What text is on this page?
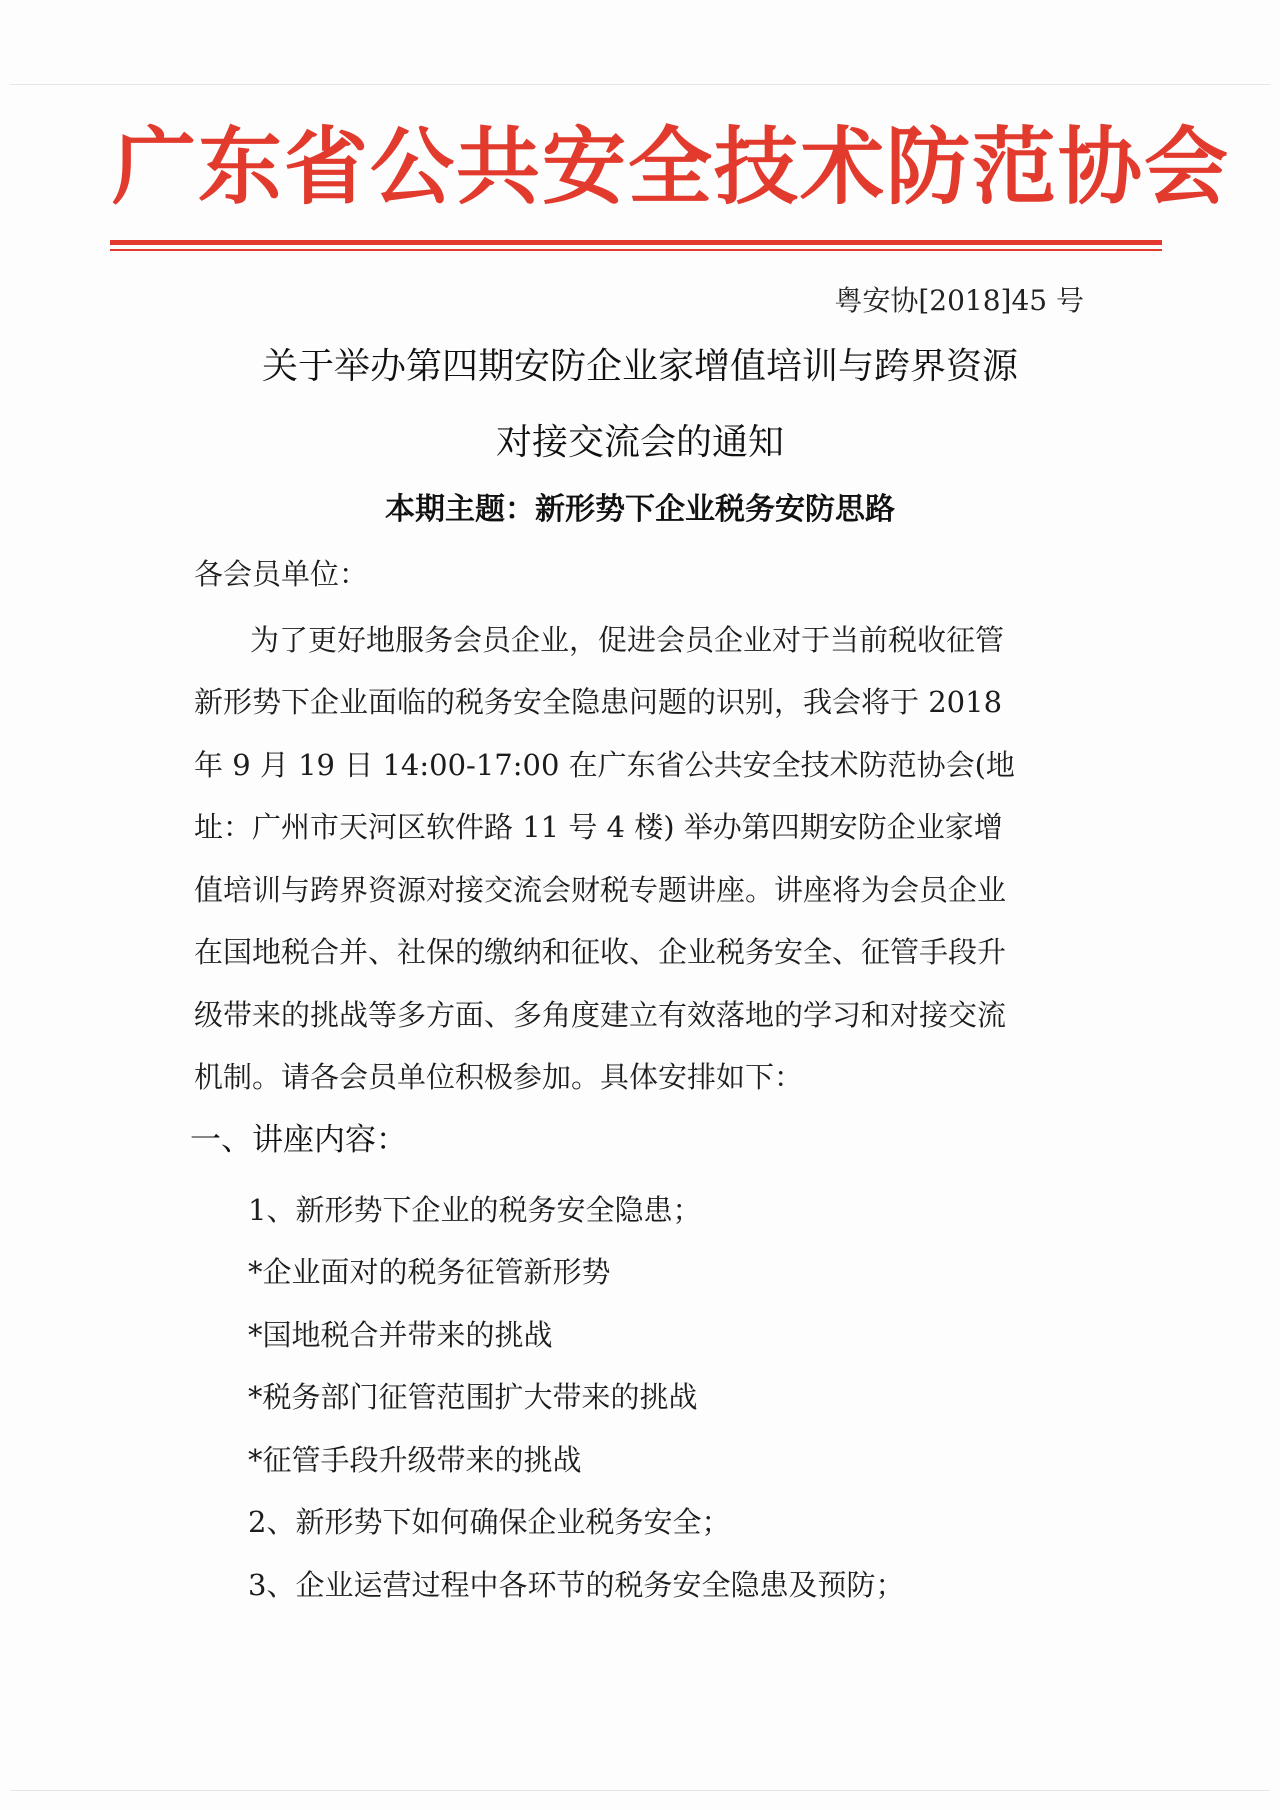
广东省公共安全技术防范协会
粤安协[2018]45 号
关于举办第四期安防企业家增值培训与跨界资源
对接交流会的通知
本期主题：新形势下企业税务安防思路
各会员单位：
为了更好地服务会员企业，促进会员企业对于当前税收征管
新形势下企业面临的税务安全隐患问题的识别，我会将于 2018
年 9 月 19 日 14:00-17:00 在广东省公共安全技术防范协会(地
址：广州市天河区软件路 11 号 4 楼) 举办第四期安防企业家增
值培训与跨界资源对接交流会财税专题讲座。讲座将为会员企业
在国地税合并、社保的缴纳和征收、企业税务安全、征管手段升
级带来的挑战等多方面、多角度建立有效落地的学习和对接交流
机制。请各会员单位积极参加。具体安排如下：
一、讲座内容：
1、新形势下企业的税务安全隐患；
*企业面对的税务征管新形势
*国地税合并带来的挑战
*税务部门征管范围扩大带来的挑战
*征管手段升级带来的挑战
2、新形势下如何确保企业税务安全；
3、企业运营过程中各环节的税务安全隐患及预防；
